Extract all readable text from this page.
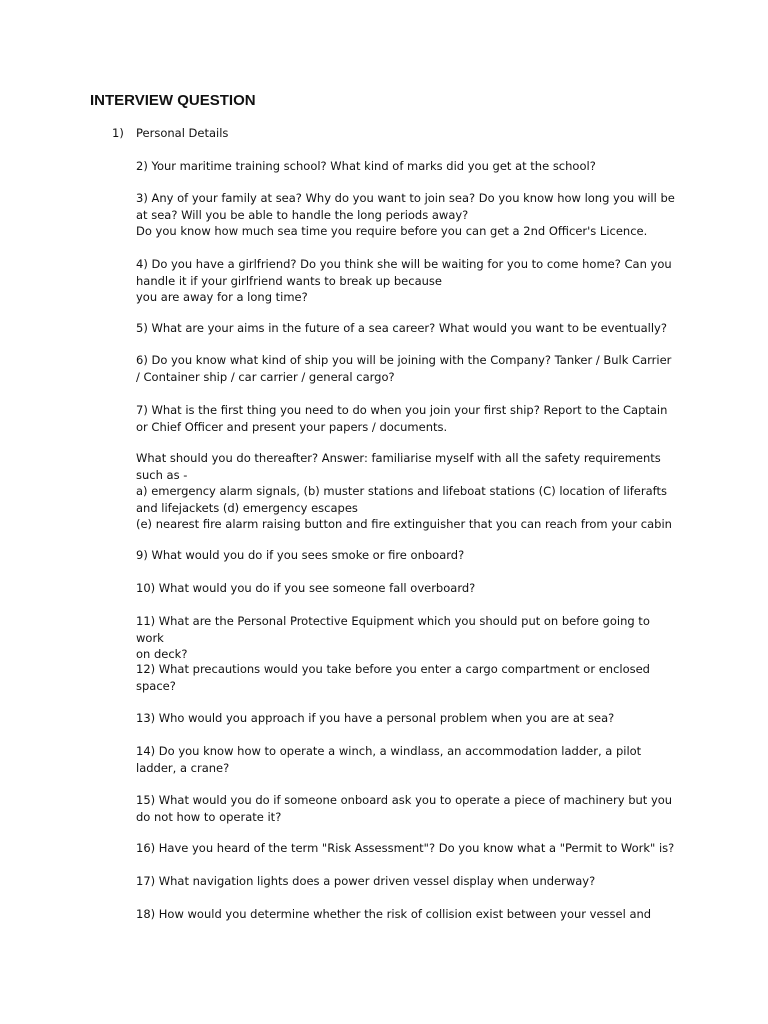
INTERVIEW QUESTION
1) Personal Details

2) Your maritime training school? What kind of marks did you get at the school?

3) Any of your family at sea? Why do you want to join sea? Do you know how long you will be
at sea? Will you be able to handle the long periods away?
Do you know how much sea time you require before you can get a 2nd Officer's Licence.

4) Do you have a girlfriend? Do you think she will be waiting for you to come home? Can you
handle it if your girlfriend wants to break up because
you are away for a long time?

5) What are your aims in the future of a sea career? What would you want to be eventually?

6) Do you know what kind of ship you will be joining with the Company? Tanker / Bulk Carrier
/ Container ship / car carrier / general cargo?

7) What is the first thing you need to do when you join your first ship? Report to the Captain
or Chief Officer and present your papers / documents.

What should you do thereafter? Answer: familiarise myself with all the safety requirements
such as -
a) emergency alarm signals, (b) muster stations and lifeboat stations (C) location of liferafts
and lifejackets (d) emergency escapes
(e) nearest fire alarm raising button and fire extinguisher that you can reach from your cabin

9) What would you do if you sees smoke or fire onboard?

10) What would you do if you see someone fall overboard?

11) What are the Personal Protective Equipment which you should put on before going to work
on deck?

12) What precautions would you take before you enter a cargo compartment or enclosed
space?

13) Who would you approach if you have a personal problem when you are at sea?

14) Do you know how to operate a winch, a windlass, an accommodation ladder, a pilot
ladder, a crane?

15) What would you do if someone onboard ask you to operate a piece of machinery but you
do not how to operate it?

16) Have you heard of the term "Risk Assessment"? Do you know what a "Permit to Work" is?

17) What navigation lights does a power driven vessel display when underway?

18) How would you determine whether the risk of collision exist between your vessel and
